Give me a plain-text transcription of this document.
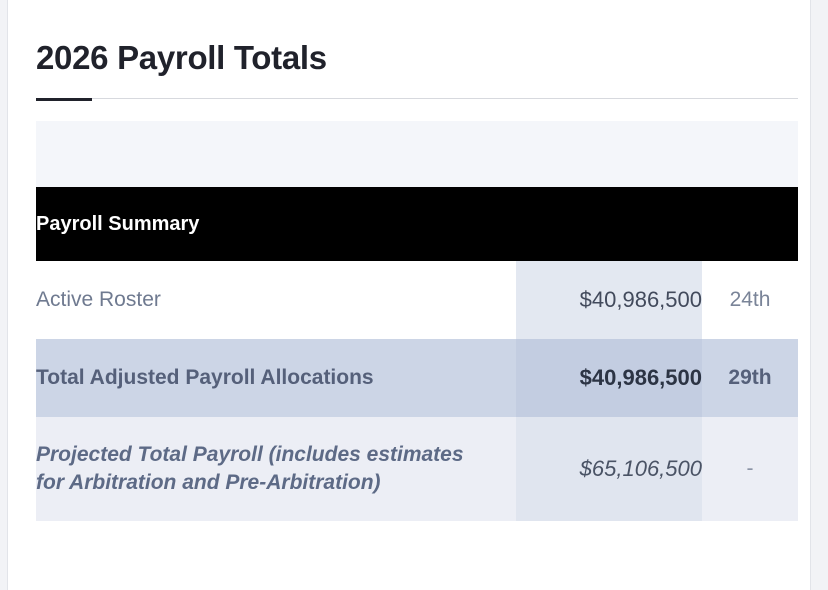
2026 Payroll Totals

Payroll Summary		
Active Roster	$40,986,500	24th
Total Adjusted Payroll Allocations	$40,986,500	29th
Projected Total Payroll (includes estimates for Arbitration and Pre-Arbitration)	$65,106,500	-
